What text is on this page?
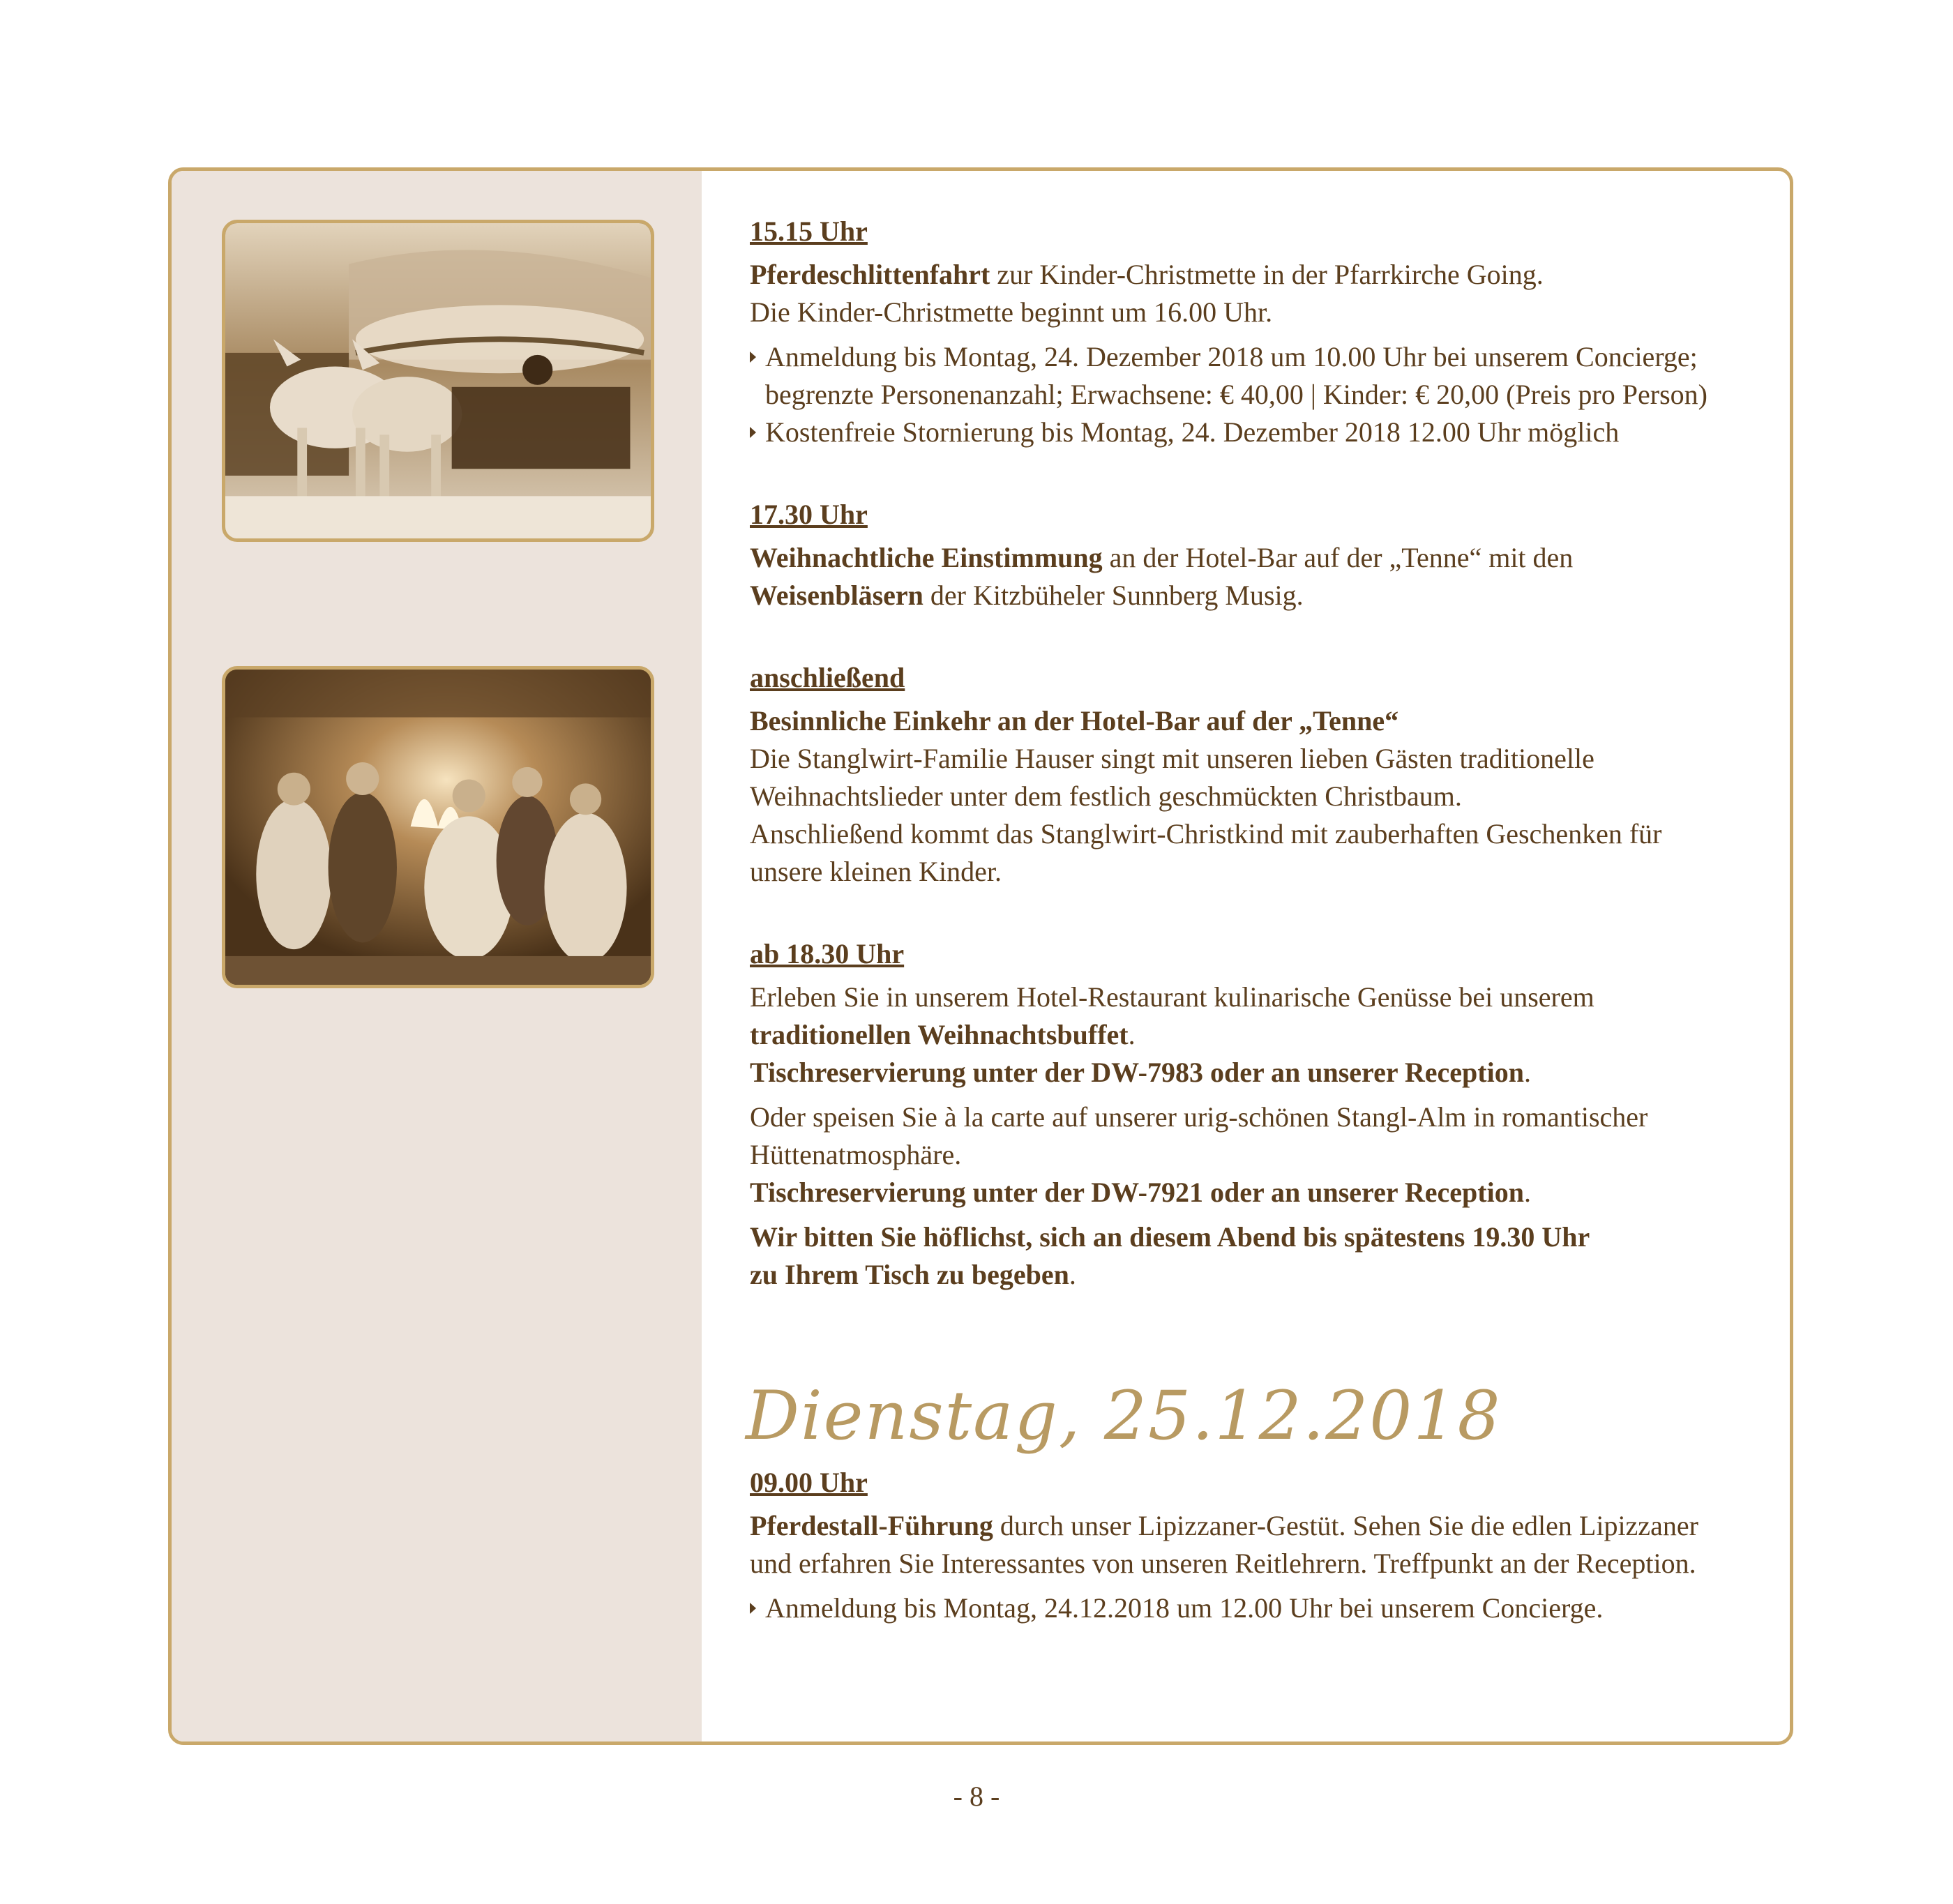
15.15 Uhr

Pferdeschlittenfahrt zur Kinder-Christmette in der Pfarrkirche Going.

Die Kinder-Christmette beginnt um 16.00 Uhr.

Anmeldung bis Montag, 24. Dezember 2018 um 10.00 Uhr bei unserem Concierge;
begrenzte Personenanzahl; Erwachsene: € 40,00 | Kinder: € 20,00 (Preis pro Person)

Kostenfreie Stornierung bis Montag, 24. Dezember 2018 12.00 Uhr möglich

17.30 Uhr

Weihnachtliche Einstimmung an der Hotel-Bar auf der „Tenne“ mit den

Weisenbläsern der Kitzbüheler Sunnberg Musig.

anschließend

Besinnliche Einkehr an der Hotel-Bar auf der „Tenne“

Die Stanglwirt-Familie Hauser singt mit unseren lieben Gästen traditionelle

Weihnachtslieder unter dem festlich geschmückten Christbaum.

Anschließend kommt das Stanglwirt-Christkind mit zauberhaften Geschenken für

unsere kleinen Kinder.

ab 18.30 Uhr

Erleben Sie in unserem Hotel-Restaurant kulinarische Genüsse bei unserem

traditionellen Weihnachtsbuffet.

Tischreservierung unter der DW-7983 oder an unserer Reception.

Oder speisen Sie à la carte auf unserer urig-schönen Stangl-Alm in romantischer

Hüttenatmosphäre.

Tischreservierung unter der DW-7921 oder an unserer Reception.

Wir bitten Sie höflichst, sich an diesem Abend bis spätestens 19.30 Uhr

zu Ihrem Tisch zu begeben.

Dienstag, 25.12.2018

09.00 Uhr

Pferdestall-Führung durch unser Lipizzaner-Gestüt. Sehen Sie die edlen Lipizzaner

und erfahren Sie Interessantes von unseren Reitlehrern. Treffpunkt an der Reception.

Anmeldung bis Montag, 24.12.2018 um 12.00 Uhr bei unserem Concierge.

- 8 -
